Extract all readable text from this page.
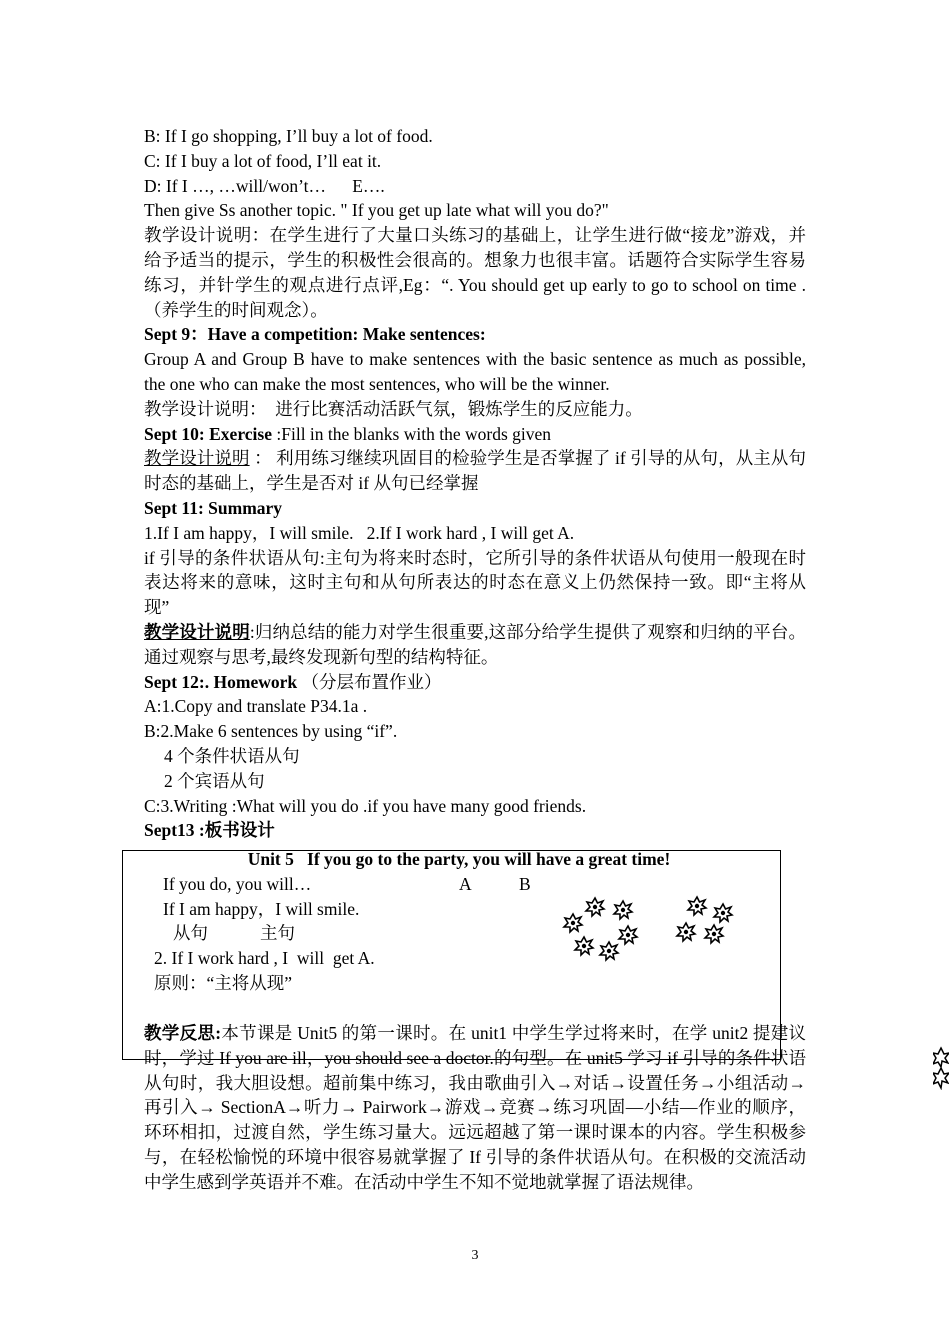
B: If I go shopping, I’ll buy a lot of food.

C: If I buy a lot of food, I’ll eat it.

D: If I …, …will/won’t…      E….

Then give Ss another topic. " If you get up late what will you do?"

教学设计说明：在学生进行了大量口头练习的基础上，让学生进行做“接龙”游戏，并给予适当的提示，学生的积极性会很高的。想象力也很丰富。话题符合实际学生容易练习，并针学生的观点进行点评,Eg：“. You should get up early to go to school on time .（养学生的时间观念）。

Sept 9：Have a competition: Make sentences:

Group A and Group B have to make sentences with the basic sentence as much as possible, the one who can make the most sentences, who will be the winner.

教学设计说明：  进行比赛活动活跃气氛，锻炼学生的反应能力。

Sept 10: Exercise :Fill in the blanks with the words given

教学设计说明 ： 利用练习继续巩固目的检验学生是否掌握了 if 引导的从句，从主从句时态的基础上，学生是否对 if 从句已经掌握

Sept 11: Summary

1.If I am happy，I will smile.   2.If I work hard , I will get A.

if 引导的条件状语从句:主句为将来时态时，它所引导的条件状语从句使用一般现在时表达将来的意味，这时主句和从句所表达的时态在意义上仍然保持一致。即“主将从现”

教学设计说明:归纳总结的能力对学生很重要,这部分给学生提供了观察和归纳的平台。通过观察与思考,最终发现新句型的结构特征。

Sept 12:. Homework （分层布置作业）

A:1.Copy and translate P34.1a .

B:2.Make 6 sentences by using “if”.

4 个条件状语从句

2 个宾语从句

C:3.Writing :What will you do .if you have many good friends.

Sept13 :板书设计

Unit 5   If you go to the party, you will have a great time!
If you do, you will…	A	B
If I am happy，I will smile.
从句	主句
2. If I work hard , I  will  get A.
原则：“主将从现”
教学反思:本节课是 Unit5 的第一课时。在 unit1 中学生学过将来时，在学 unit2 提建议时，学过 If you are ill，you should see a doctor.的句型。在 unit5 学习 if 引导的条件状语从句时，我大胆设想。超前集中练习，我由歌曲引入→对话→设置任务→小组活动→再引入→ SectionA→听力→ Pairwork→游戏→竞赛→练习巩固—小结—作业的顺序，环环相扣，过渡自然，学生练习量大。远远超越了第一课时课本的内容。学生积极参与，在轻松愉悦的环境中很容易就掌握了 If 引导的条件状语从句。在积极的交流活动中学生感到学英语并不难。在活动中学生不知不觉地就掌握了语法规律。
3
